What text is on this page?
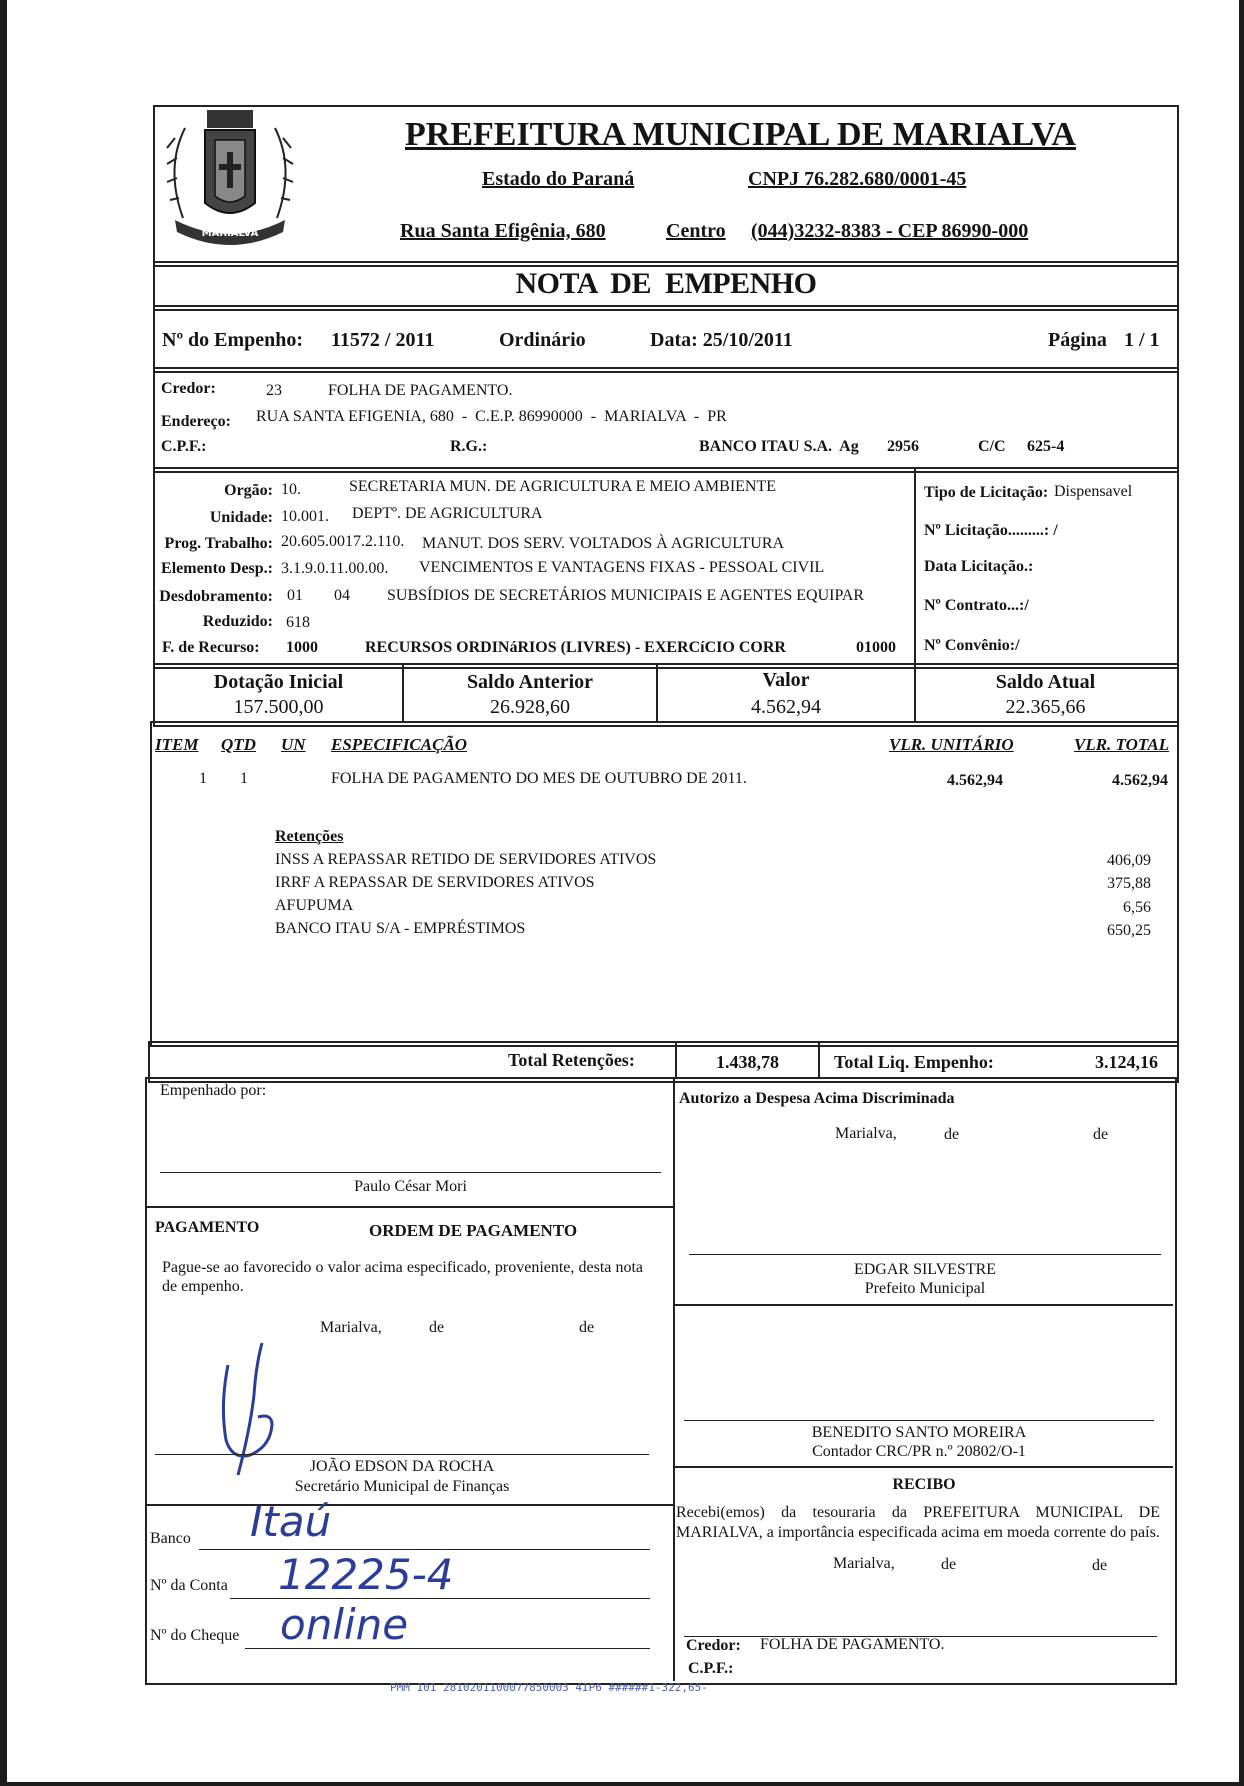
MARIALVA
PREFEITURA MUNICIPAL DE MARIALVA
Estado do Paraná	CNPJ 76.282.680/0001-45
Rua Santa Efigênia, 680	Centro (044)3232-8383 - CEP 86990-000
NOTA  DE  EMPENHO
Nº do Empenho: 11572 / 2011	Ordinário	Data: 25/10/2011	Página 1 / 1
Credor:	23	FOLHA DE PAGAMENTO.
Endereço: RUA SANTA EFIGENIA, 680  -  C.E.P. 86990000  -  MARIALVA  -  PR
C.P.F.:	R.G.:	BANCO ITAU S.A.  Ag 2956	C/C 625-4
Orgão: 10.	SECRETARIA MUN. DE AGRICULTURA E MEIO AMBIENTE
Unidade: 10.001. DEPTº. DE AGRICULTURA
Prog. Trabalho: 20.605.0017.2.110. MANUT. DOS SERV. VOLTADOS À AGRICULTURA
Elemento Desp.: 3.1.9.0.11.00.00. VENCIMENTOS E VANTAGENS FIXAS - PESSOAL CIVIL
Desdobramento: 01 04 SUBSÍDIOS DE SECRETÁRIOS MUNICIPAIS E AGENTES EQUIPAR
Reduzido: 618
F. de Recurso: 1000	RECURSOS ORDINáRIOS (LIVRES) - EXERCíCIO CORR	01000
Tipo de Licitação: Dispensavel
Nº Licitação.........: /
Data Licitação.:
Nº Contrato...:/
Nº Convênio:/
Dotação Inicial
157.500,00
Saldo Anterior
26.928,60
Valor
4.562,94
Saldo Atual
22.365,66
ITEM QTD UN ESPECIFICAÇÃO	VLR. UNITÁRIO	VLR. TOTAL
1 1	FOLHA DE PAGAMENTO DO MES DE OUTUBRO DE 2011.	4.562,94	4.562,94
Retenções
INSS A REPASSAR RETIDO DE SERVIDORES ATIVOS	406,09
IRRF A REPASSAR DE SERVIDORES ATIVOS	375,88
AFUPUMA	6,56
BANCO ITAU S/A - EMPRÉSTIMOS	650,25
Total Retenções:	1.438,78	Total Liq. Empenho:	3.124,16
Empenhado por:
Paulo César Mori
PAGAMENTO	ORDEM DE PAGAMENTO
Pague-se ao favorecido o valor acima especificado, proveniente, desta nota de empenho.
Marialva,	de	de
JOÃO EDSON DA ROCHA
Secretário Municipal de Finanças
Banco Itaú
Nº da Conta 12225-4
Nº do Cheque online
Autorizo a Despesa Acima Discriminada
Marialva,	de	de
EDGAR SILVESTRE
Prefeito Municipal
BENEDITO SANTO MOREIRA
Contador CRC/PR n.º 20802/O-1
RECIBO
Recebi(emos) da tesouraria da PREFEITURA MUNICIPAL DE MARIALVA, a importância especificada acima em moeda corrente do país.
Marialva,	de	de
Credor: FOLHA DE PAGAMENTO.
C.P.F.:
PMM 101 2810201100077850003 4IP6 ######1-322,65-
